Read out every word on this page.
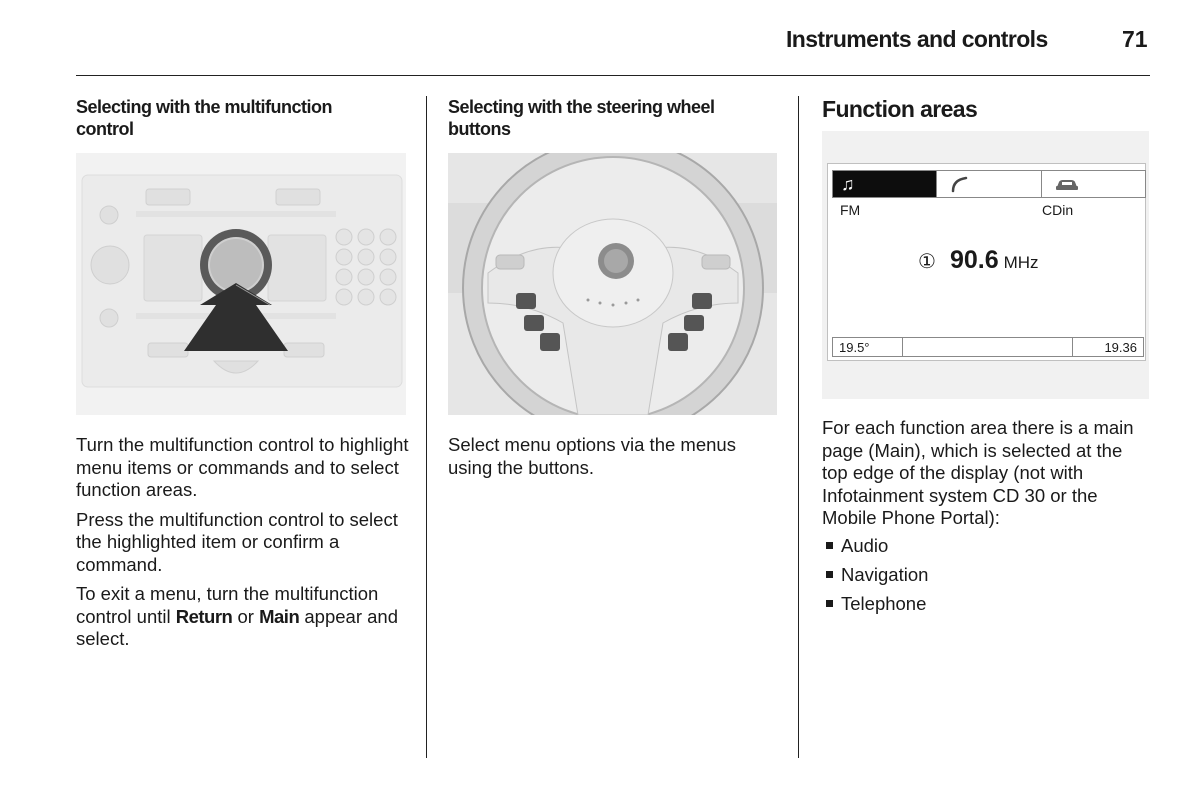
Instruments and controls	71
Selecting with the multifunction control

Turn the multifunction control to highlight menu items or commands and to select function areas.

Press the multifunction control to select the highlighted item or confirm a command.

To exit a menu, turn the multifunction control until Return or Main appear and select.

Selecting with the steering wheel buttons

Select menu options via the menus using the buttons.

Function areas
♫
FM	CDin
① 90.6 MHz
19.5°	19.36

For each function area there is a main page (Main), which is selected at the top edge of the display (not with Infotainment system CD 30 or the Mobile Phone Portal):

Audio
Navigation
Telephone
